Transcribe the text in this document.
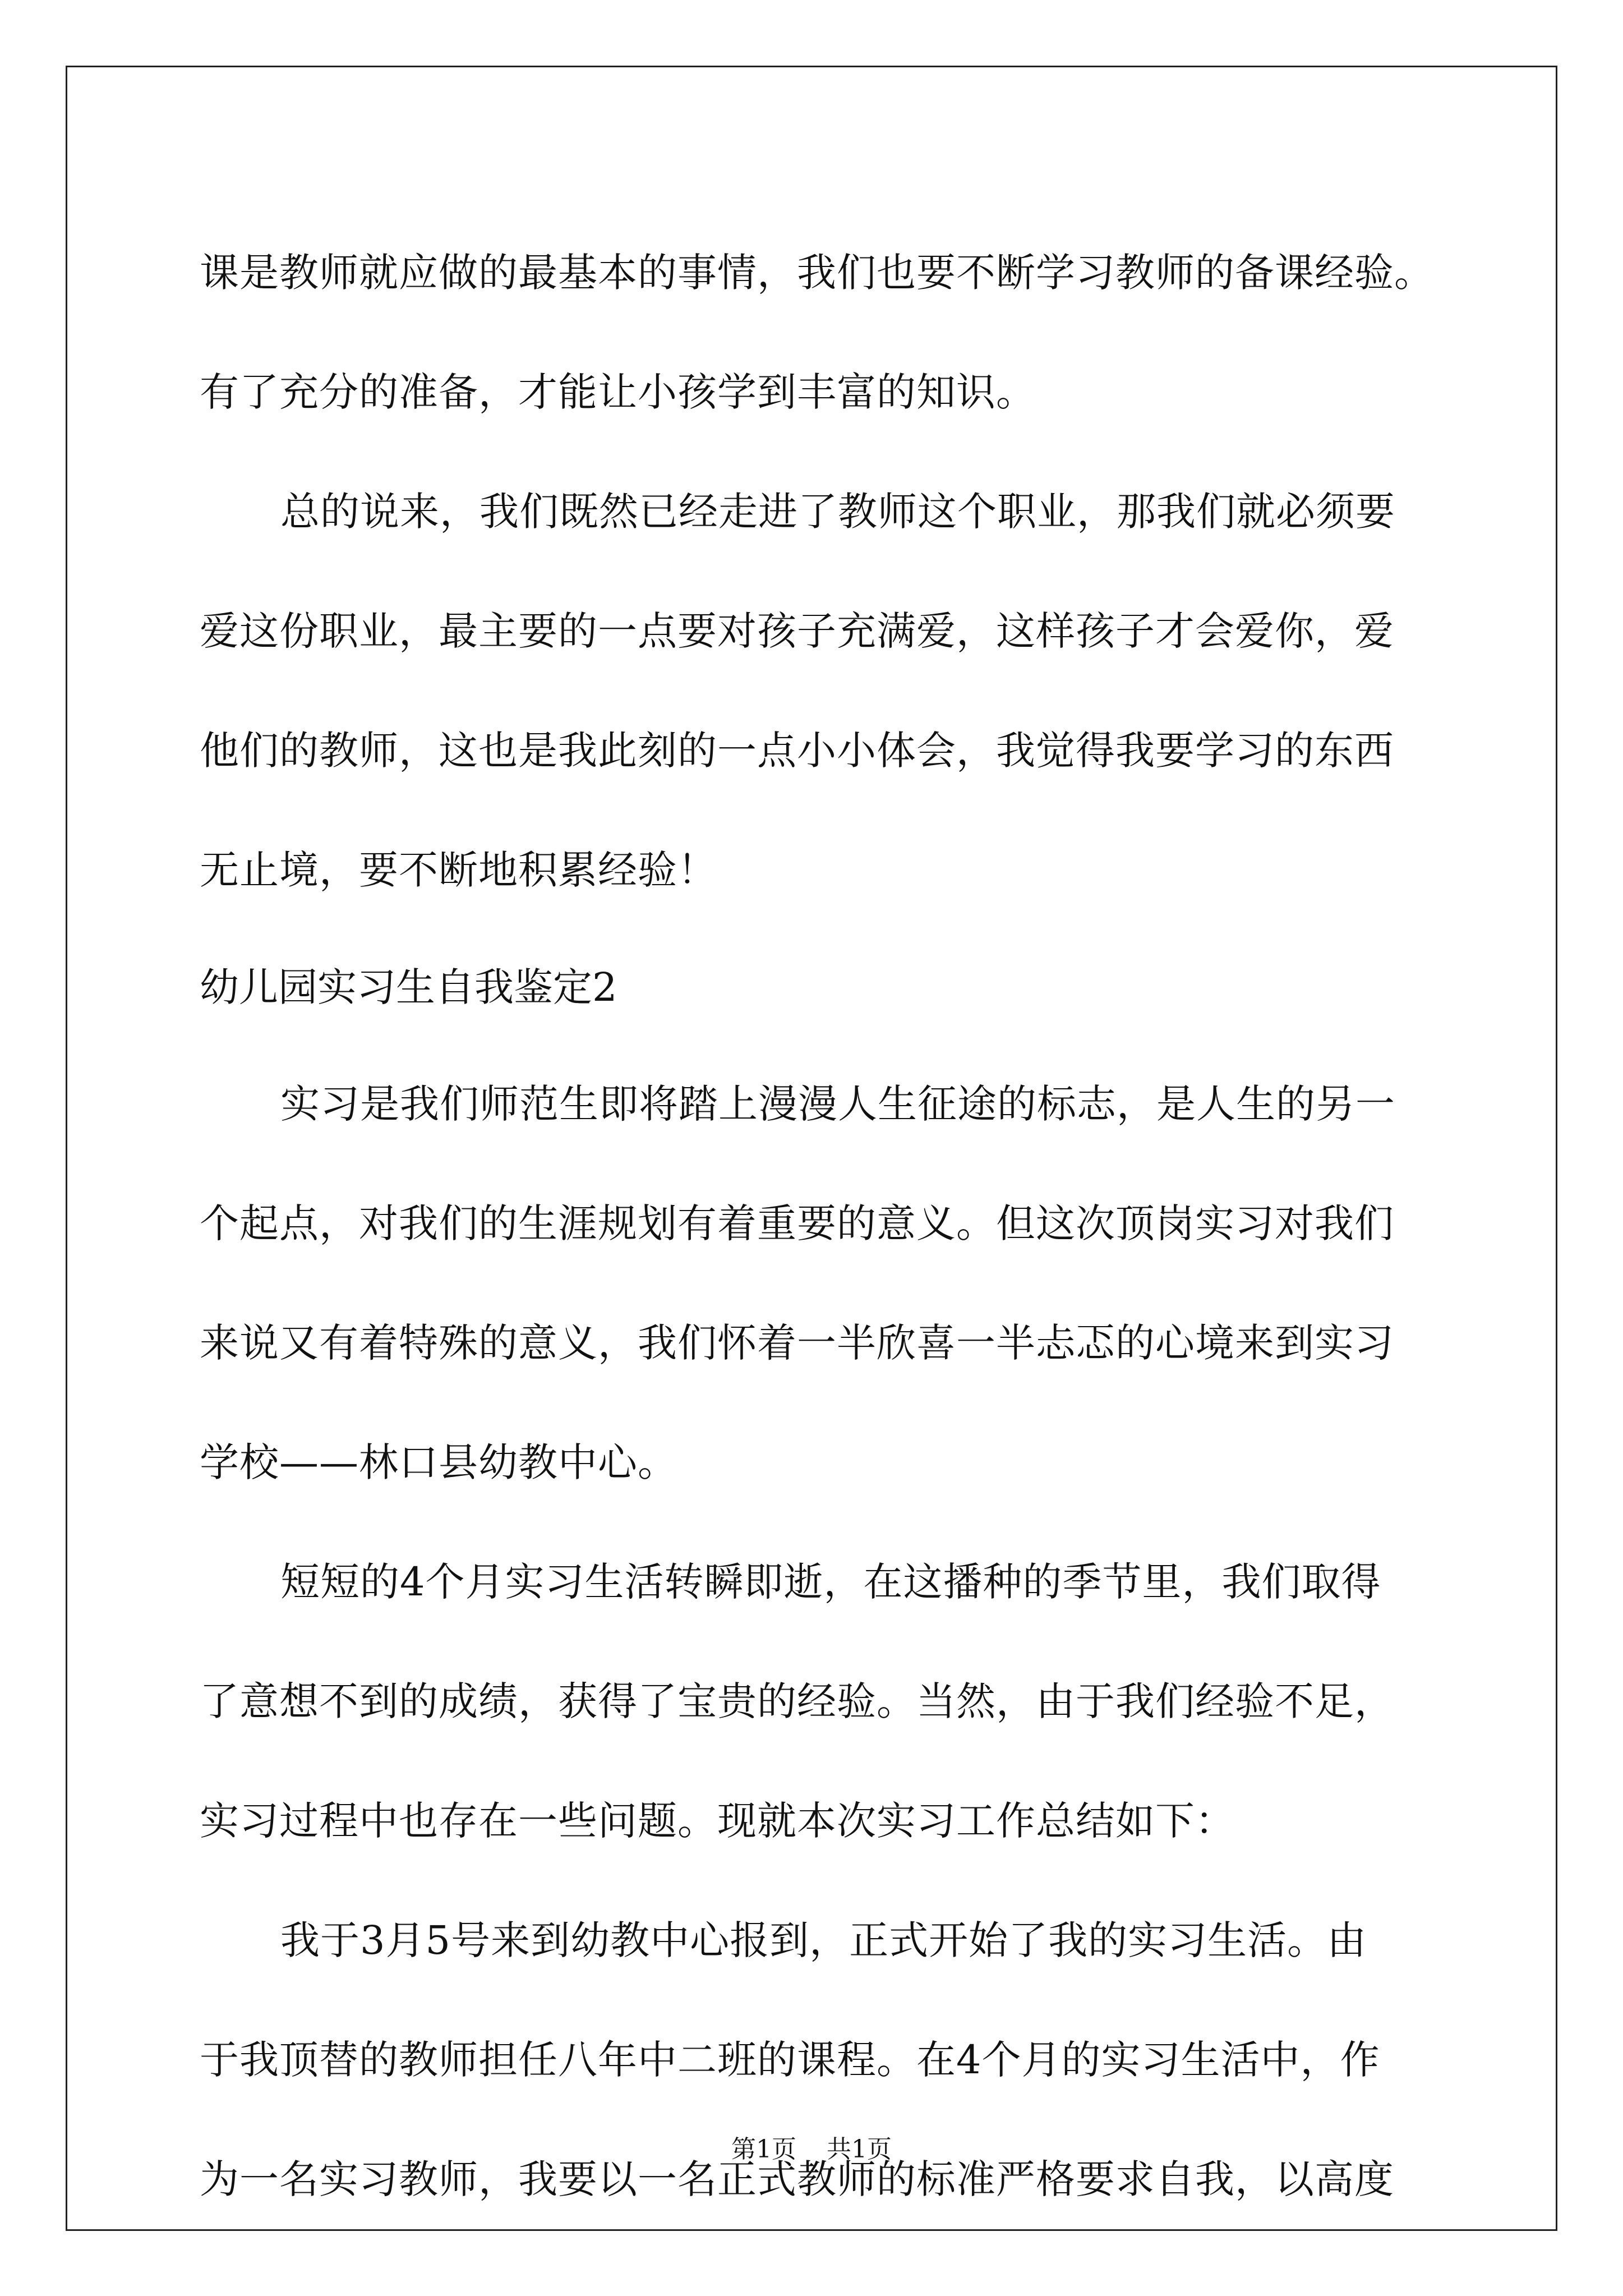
课是教师就应做的最基本的事情，我们也要不断学习教师的备课经验。
有了充分的准备，才能让小孩学到丰富的知识。
总的说来，我们既然已经走进了教师这个职业，那我们就必须要
爱这份职业，最主要的一点要对孩子充满爱，这样孩子才会爱你，爱
他们的教师，这也是我此刻的一点小小体会，我觉得我要学习的东西
无止境，要不断地积累经验！
幼儿园实习生自我鉴定2
实习是我们师范生即将踏上漫漫人生征途的标志，是人生的另一
个起点，对我们的生涯规划有着重要的意义。但这次顶岗实习对我们
来说又有着特殊的意义，我们怀着一半欣喜一半忐忑的心境来到实习
学校——林口县幼教中心。
短短的4个月实习生活转瞬即逝，在这播种的季节里，我们取得
了意想不到的成绩，获得了宝贵的经验。当然，由于我们经验不足，
实习过程中也存在一些问题。现就本次实习工作总结如下：
我于3月5号来到幼教中心报到，正式开始了我的实习生活。由
于我顶替的教师担任八年中二班的课程。在4个月的实习生活中，作
为一名实习教师，我要以一名正式教师的标准严格要求自我，以高度
第1页 共1页
